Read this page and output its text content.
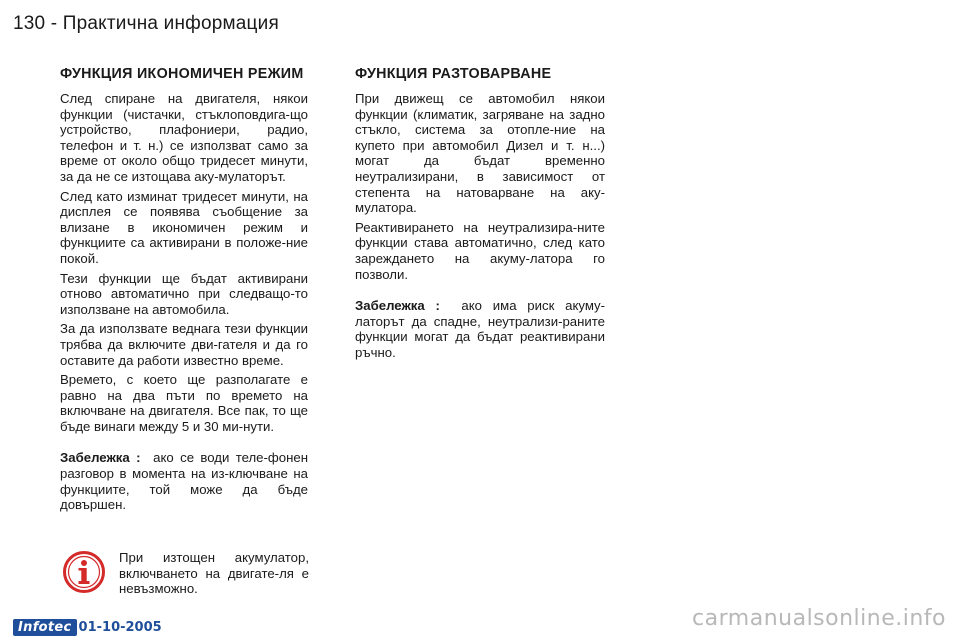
130 - Практична информация
ФУНКЦИЯ ИКОНОМИЧЕН РЕЖИМ

След спиране на двигателя, някои функции (чистачки, стъклоповдига-що устройство, плафониери, радио, телефон и т. н.) се използват само за време от около общо тридесет минути, за да не се изтощава аку-мулаторът.

След като изминат тридесет минути, на дисплея се появява съобщение за влизане в икономичен режим и функциите са активирани в положе-ние покой.

Тези функции ще бъдат активирани отново автоматично при следващо-то използване на автомобила.

За да използвате веднага тези функции трябва да включите дви-гателя и да го оставите да работи известно време.

Времето, с което ще разполагате е равно на два пъти по времето на включване на двигателя. Все пак, то ще бъде винаги между 5 и 30 ми-нути.

Забележка : ако се води теле-фонен разговор в момента на из-ключване на функциите, той може да бъде довършен.

При изтощен акумулатор, включването на двигате-ля е невъзможно.
ФУНКЦИЯ РАЗТОВАРВАНЕ

При движещ се автомобил някои функции (климатик, загряване на задно стъкло, система за отопле-ние на купето при автомобил Дизел и т. н...) могат да бъдат временно неутрализирани, в зависимост от степента на натоварване на аку-мулатора.

Реактивирането на неутрализира-ните функции става автоматично, след като зареждането на акуму-латора го позволи.

Забележка : ако има риск акуму-латорът да спадне, неутрализи-раните функции могат да бъдат реактивирани ръчно.

Infotec 01-10-2005	carmanualsonline.info
